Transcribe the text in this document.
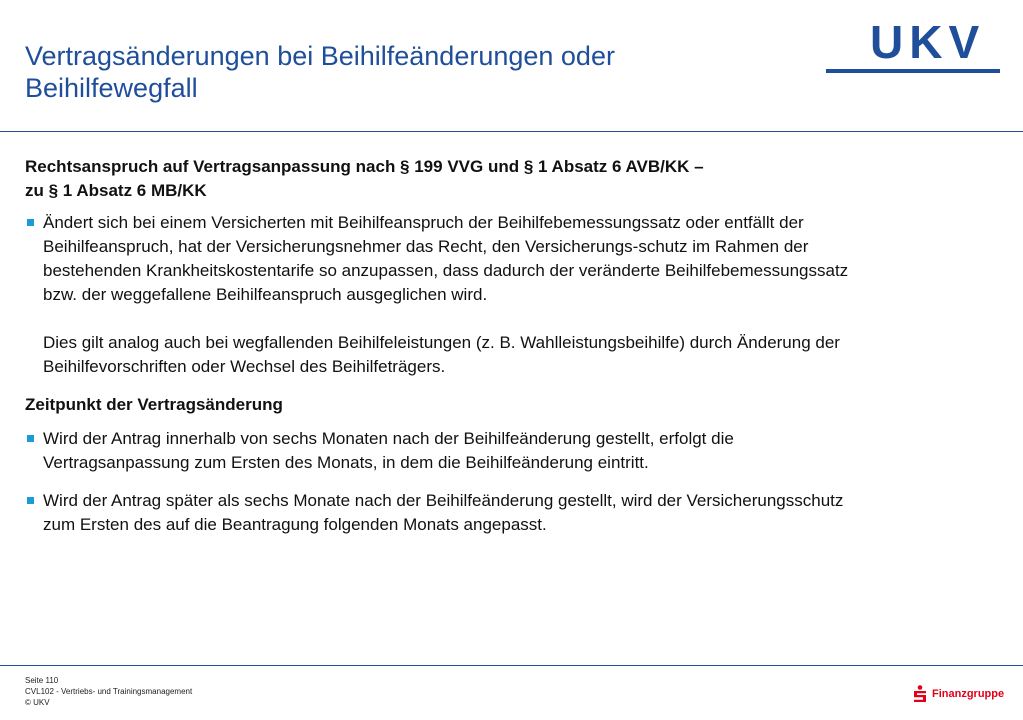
Vertragsänderungen bei Beihilfeänderungen oder Beihilfewegfall
UKV
Rechtsanspruch auf Vertragsanpassung nach § 199 VVG und § 1 Absatz 6 AVB/KK –
zu § 1 Absatz 6 MB/KK

Ändert sich bei einem Versicherten mit Beihilfeanspruch der Beihilfebemessungssatz oder entfällt der Beihilfeanspruch, hat der Versicherungsnehmer das Recht, den Versicherungs-schutz im Rahmen der bestehenden Krankheitskostentarife so anzupassen, dass dadurch der veränderte Beihilfebemessungssatz bzw. der weggefallene Beihilfeanspruch ausgeglichen wird.

Dies gilt analog auch bei wegfallenden Beihilfeleistungen (z. B. Wahlleistungsbeihilfe) durch Änderung der Beihilfevorschriften oder Wechsel des Beihilfeträgers.

Zeitpunkt der Vertragsänderung

Wird der Antrag innerhalb von sechs Monaten nach der Beihilfeänderung gestellt, erfolgt die Vertragsanpassung zum Ersten des Monats, in dem die Beihilfeänderung eintritt.

Wird der Antrag später als sechs Monate nach der Beihilfeänderung gestellt, wird der Versicherungsschutz zum Ersten des auf die Beantragung folgenden Monats angepasst.

Seite 110
CVL102 - Vertriebs- und Trainingsmanagement
© UKV
Finanzgruppe
